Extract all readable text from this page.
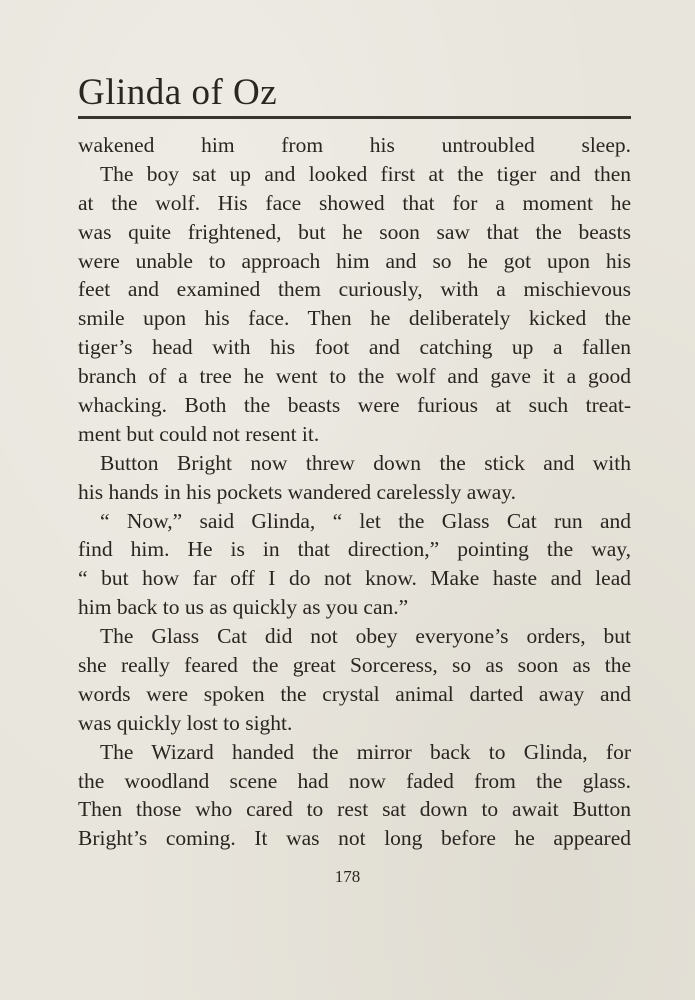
Glinda of Oz
wakened him from his untroubled sleep.
The boy sat up and looked first at the tiger and then
at the wolf. His face showed that for a moment he
was quite frightened, but he soon saw that the beasts
were unable to approach him and so he got upon his
feet and examined them curiously, with a mischievous
smile upon his face. Then he deliberately kicked the
tiger’s head with his foot and catching up a fallen
branch of a tree he went to the wolf and gave it a good
whacking. Both the beasts were furious at such treat-
ment but could not resent it.
Button Bright now threw down the stick and with
his hands in his pockets wandered carelessly away.
“ Now,” said Glinda, “ let the Glass Cat run and
find him. He is in that direction,” pointing the way,
“ but how far off I do not know. Make haste and lead
him back to us as quickly as you can.”
The Glass Cat did not obey everyone’s orders, but
she really feared the great Sorceress, so as soon as the
words were spoken the crystal animal darted away and
was quickly lost to sight.
The Wizard handed the mirror back to Glinda, for
the woodland scene had now faded from the glass.
Then those who cared to rest sat down to await Button
Bright’s coming. It was not long before he appeared
178
